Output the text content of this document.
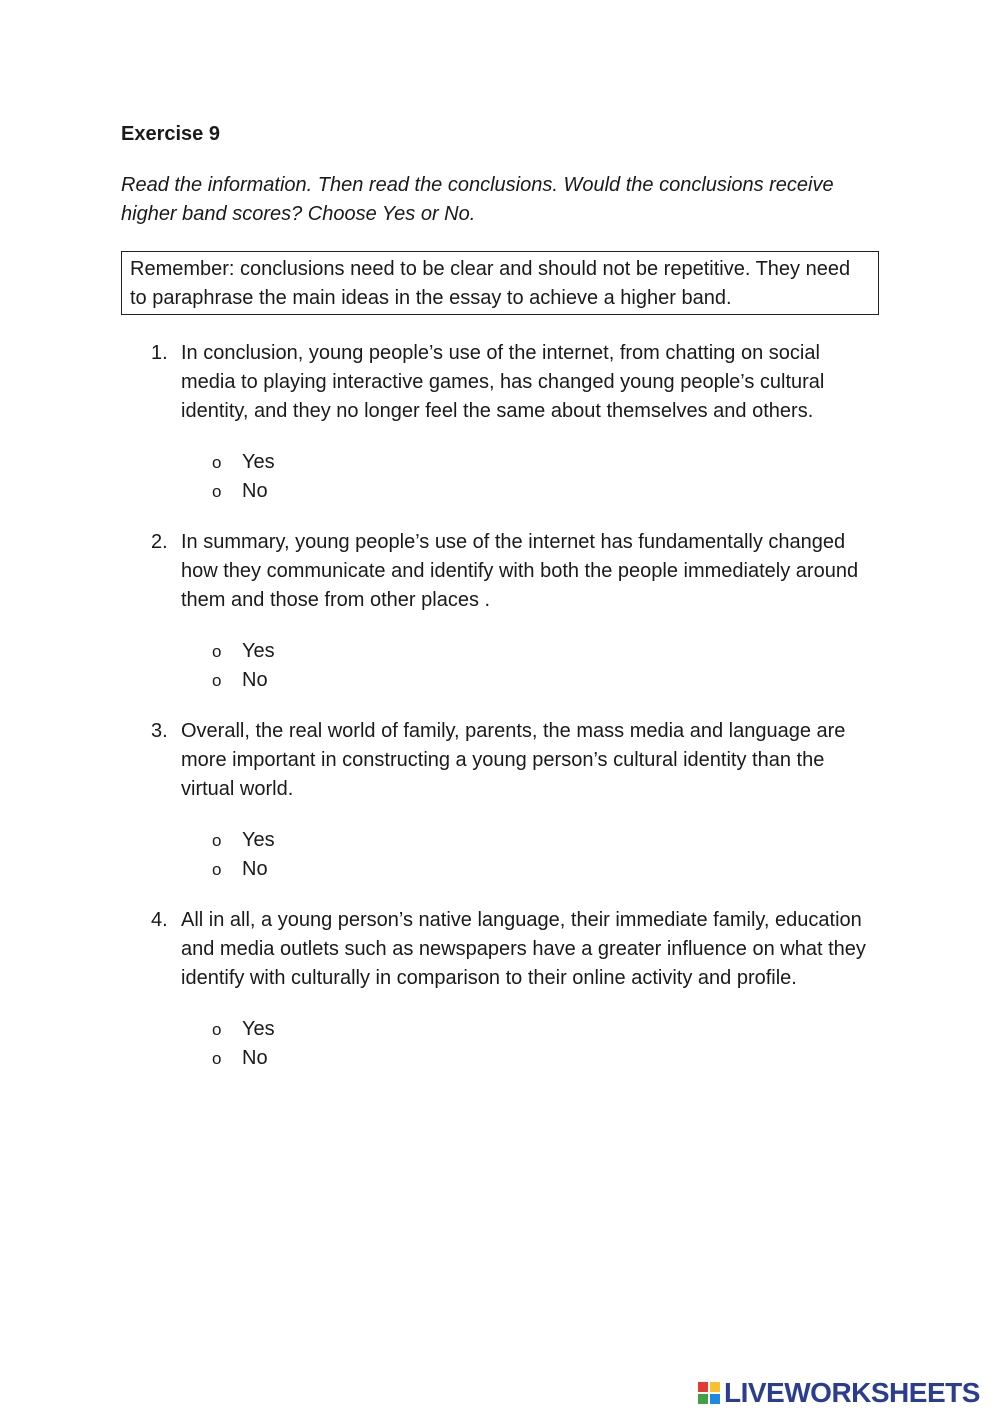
Exercise 9

Read the information. Then read the conclusions. Would the conclusions receive higher band scores? Choose Yes or No.

Remember: conclusions need to be clear and should not be repetitive. They need to paraphrase the main ideas in the essay to achieve a higher band.
1. In conclusion, young people’s use of the internet, from chatting on social media to playing interactive games, has changed young people’s cultural identity, and they no longer feel the same about themselves and others.

o Yes
o No
2. In summary, young people’s use of the internet has fundamentally changed how they communicate and identify with both the people immediately around them and those from other places .

o Yes
o No
3. Overall, the real world of family, parents, the mass media and language are more important in constructing a young person’s cultural identity than the virtual world.

o Yes
o No
4. All in all, a young person’s native language, their immediate family, education and media outlets such as newspapers have a greater influence on what they identify with culturally in comparison to their online activity and profile.

o Yes
o No
LIVEWORKSHEETS
